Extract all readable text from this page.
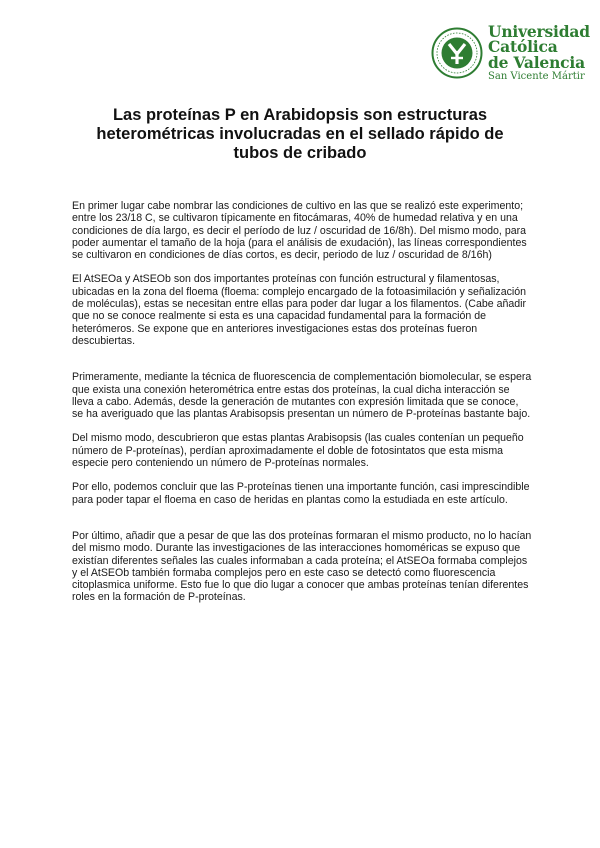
Universidad
Católica
de Valencia
San Vicente Mártir
Las proteínas P en Arabidopsis son estructuras heterométricas involucradas en el sellado rápido de tubos de cribado

En primer lugar cabe nombrar las condiciones de cultivo en las que se realizó este experimento; entre los 23/18 C, se cultivaron típicamente en fitocámaras, 40% de humedad relativa y en una condiciones de día largo, es decir el período de luz / oscuridad de 16/8h). Del mismo modo, para poder aumentar el tamaño de la hoja (para el análisis de exudación), las líneas correspondientes se cultivaron en condiciones de días cortos, es decir, periodo de luz / oscuridad de 8/16h)

El AtSEOa y AtSEOb son dos importantes proteínas con función estructural y filamentosas, ubicadas en la zona del floema (floema: complejo encargado de la fotoasimilación y señalización de moléculas), estas se necesitan entre ellas para poder dar lugar a los filamentos. (Cabe añadir que no se conoce realmente si esta es una capacidad fundamental para la formación de heterómeros. Se expone que en anteriores investigaciones estas dos proteínas fueron descubiertas.

Primeramente, mediante la técnica de fluorescencia de complementación biomolecular, se espera que exista una conexión heterométrica entre estas dos proteínas, la cual dicha interacción se lleva a cabo. Además, desde la generación de mutantes con expresión limitada que se conoce, se ha averiguado que las plantas Arabisopsis presentan un número de P-proteínas bastante bajo.

Del mismo modo, descubrieron que estas plantas Arabisopsis (las cuales contenían un pequeño número de P-proteínas), perdían aproximadamente el doble de fotosintatos que esta misma especie pero conteniendo un número de P-proteínas normales.

Por ello, podemos concluir que las P-proteínas tienen una importante función, casi imprescindible para poder tapar el floema en caso de heridas en plantas como la estudiada en este artículo.

Por último, añadir que a pesar de que las dos proteínas formaran el mismo producto, no lo hacían del mismo modo. Durante las investigaciones de las interacciones homoméricas se expuso que existían diferentes señales las cuales informaban a cada proteína; el AtSEOa formaba complejos y el AtSEOb también formaba complejos pero en este caso se detectó como fluorescencia citoplasmica uniforme. Esto fue lo que dio lugar a conocer que ambas proteínas tenían diferentes roles en la formación de P-proteínas.
